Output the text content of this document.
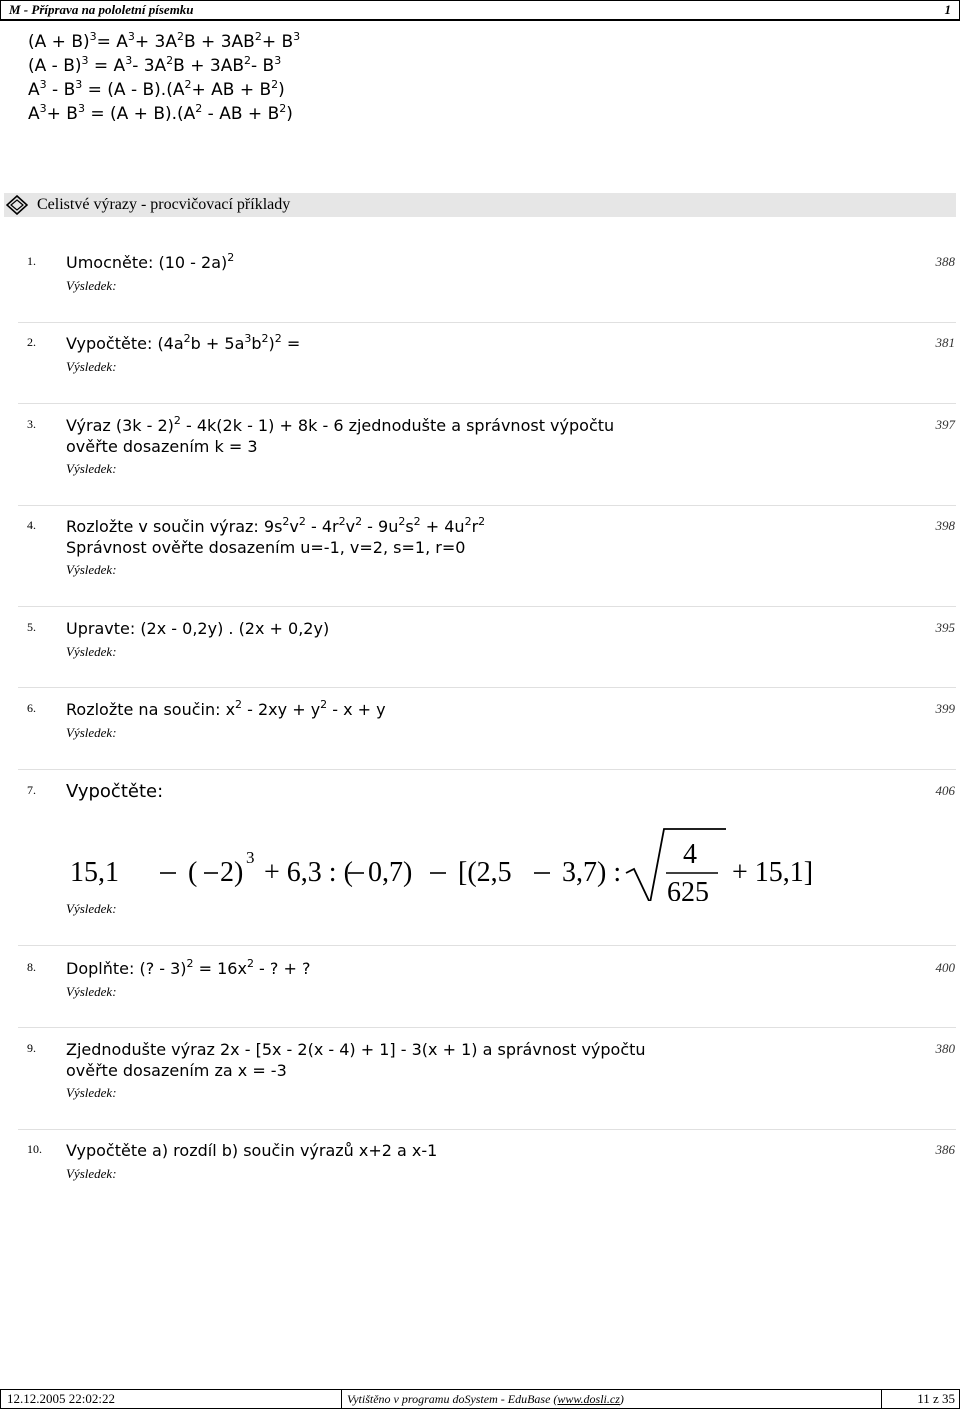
M - Příprava na pololetní písemku	1
$(A + B)^3= A^3+ 3A^2B + 3AB^2+ B^3$
$(A - B)^3 = A^3-$ $3A^2B + 3AB^2-$ $B^3$
$A^3 - B^3 = (A - B).(A^2+$ AB + $B^2$)
$A^3+ B^3 = (A + B).(A^2$ - AB + $B^2$)
Celistvé výrazy - procvičovací příklady
1. Umocněte: (10 - 2a)$^2$	388
Výsledek:
2. Vypočtěte: $(4a^2b + 5a^3b^2)^2$ =	381
Výsledek:
3. Výraz (3k - 2)$^2$ - 4k(2k - 1) + 8k - 6 zjednodušte a správnost výpočtu
ověřte dosazením k = 3
397
Výsledek:
4. Rozložte v součin výraz: $9s^2v^2 - 4r^2v^2 - 9u^2s^2 + 4u^2r^2$
Správnost ověřte dosazením u=-1, v=2, s=1, r=0
398
Výsledek:
5. Upravte: (2x - 0,2y) . (2x + 0,2y)	395
Výsledek:
6. Rozložte na součin: $x^2 - 2xy + y^2 - x + y$	399
Výsledek:
7. Vypočtěte:	406
15,1 ( 2) 3 + 6,3 : ( 0,7) [(2,5 3,7) :
4
625
+ 15,1]
Výsledek:
8. Doplňte: (? - $3)^2 = 16x^2$ - ? + ?	400
Výsledek:
9. Zjednodušte výraz 2x - [5x - 2(x - 4) + 1] - 3(x + 1) a správnost výpočtu
ověřte dosazením za x = -3
380
Výsledek:
10. Vypočtěte a) rozdíl b) součin výrazů x+2 a x-1	386
Výsledek:
12.12.2005 22:02:22	Vytištěno v programu doSystem - EduBase (www.dosli.cz)	11 z 35
